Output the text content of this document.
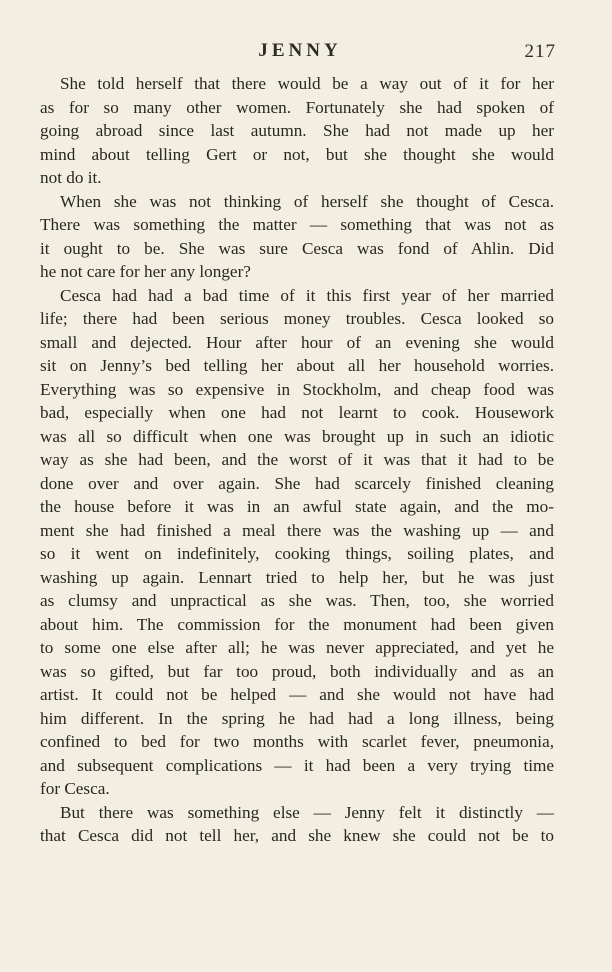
JENNY	217
She told herself that there would be a way out of it for her
as for so many other women. Fortunately she had spoken of
going abroad since last autumn. She had not made up her
mind about telling Gert or not, but she thought she would
not do it.
When she was not thinking of herself she thought of Cesca.
There was something the matter — something that was not as
it ought to be. She was sure Cesca was fond of Ahlin. Did
he not care for her any longer?
Cesca had had a bad time of it this first year of her married
life; there had been serious money troubles. Cesca looked so
small and dejected. Hour after hour of an evening she would
sit on Jenny’s bed telling her about all her household worries.
Everything was so expensive in Stockholm, and cheap food was
bad, especially when one had not learnt to cook. Housework
was all so difficult when one was brought up in such an idiotic
way as she had been, and the worst of it was that it had to be
done over and over again. She had scarcely finished cleaning
the house before it was in an awful state again, and the mo-
ment she had finished a meal there was the washing up — and
so it went on indefinitely, cooking things, soiling plates, and
washing up again. Lennart tried to help her, but he was just
as clumsy and unpractical as she was. Then, too, she worried
about him. The commission for the monument had been given
to some one else after all; he was never appreciated, and yet he
was so gifted, but far too proud, both individually and as an
artist. It could not be helped — and she would not have had
him different. In the spring he had had a long illness, being
confined to bed for two months with scarlet fever, pneumonia,
and subsequent complications — it had been a very trying time
for Cesca.
But there was something else — Jenny felt it distinctly —
that Cesca did not tell her, and she knew she could not be to
